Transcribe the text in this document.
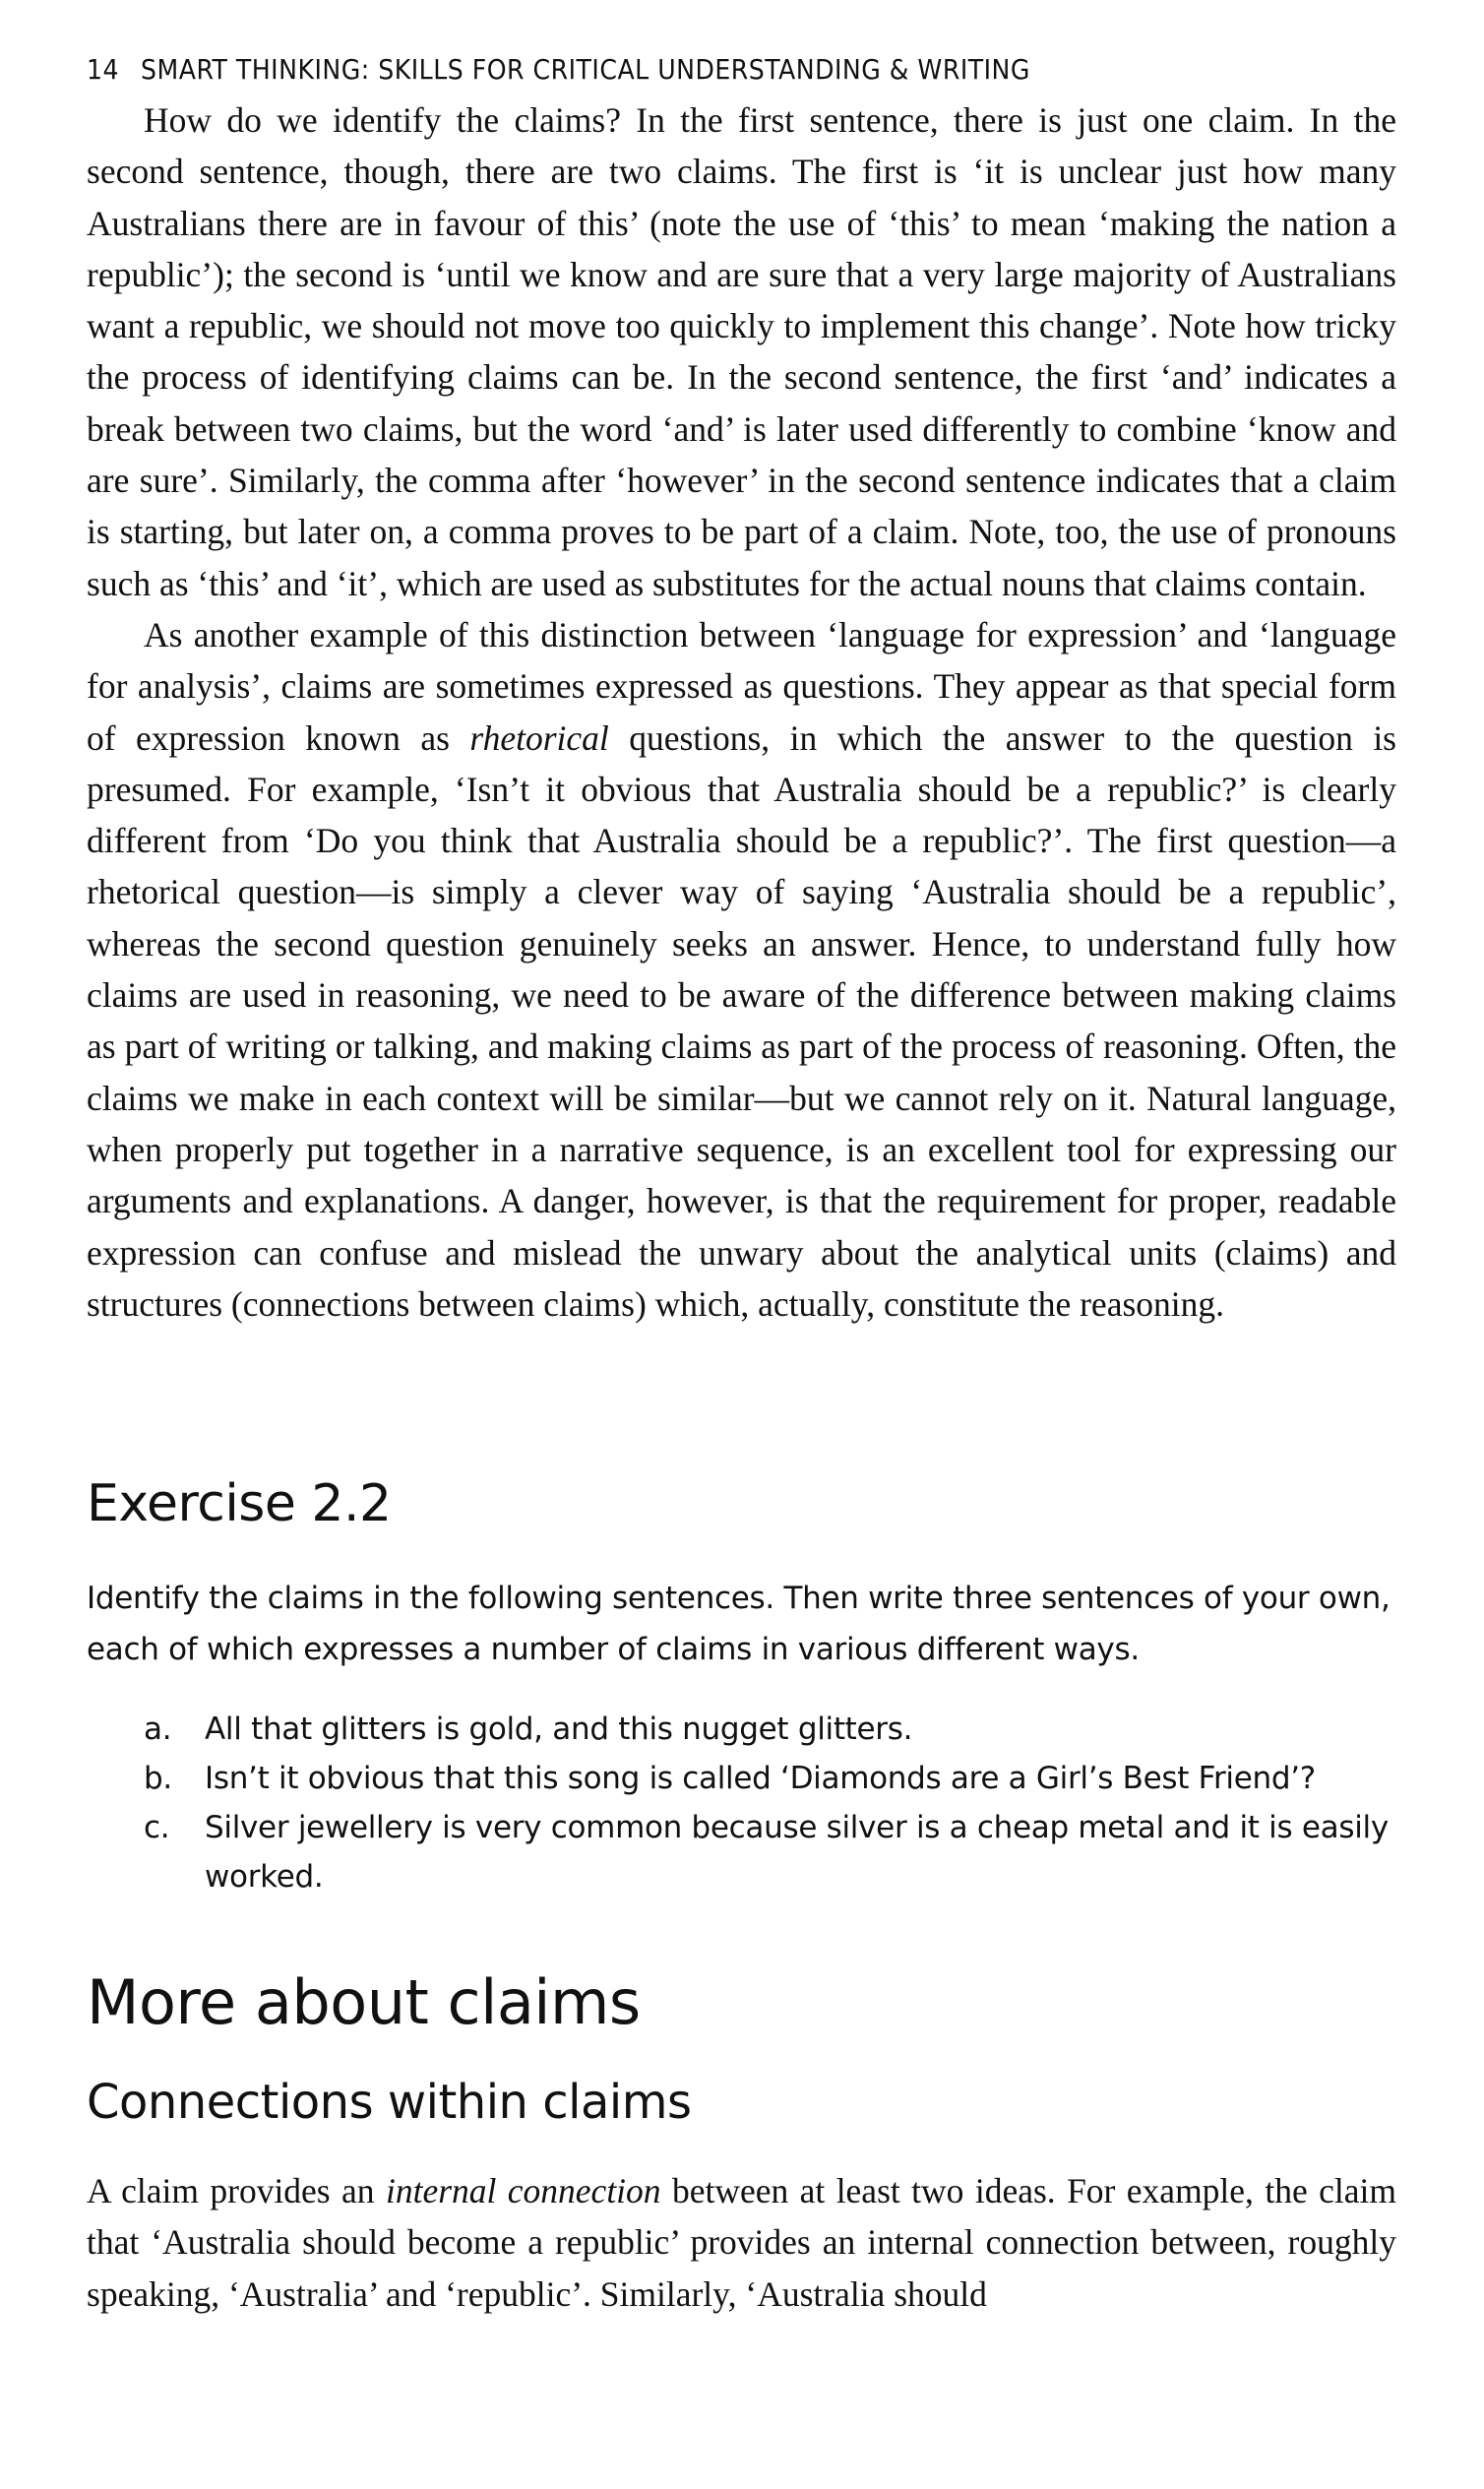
14 SMART THINKING: SKILLS FOR CRITICAL UNDERSTANDING & WRITING

How do we identify the claims? In the first sentence, there is just one claim. In the second sentence, though, there are two claims. The first is ‘it is unclear just how many Australians there are in favour of this’ (note the use of ‘this’ to mean ‘making the nation a republic’); the second is ‘until we know and are sure that a very large majority of Australians want a republic, we should not move too quickly to implement this change’. Note how tricky the process of identifying claims can be. In the second sentence, the first ‘and’ indicates a break between two claims, but the word ‘and’ is later used differently to combine ‘know and are sure’. Similarly, the comma after ‘however’ in the second sentence indicates that a claim is starting, but later on, a comma proves to be part of a claim. Note, too, the use of pronouns such as ‘this’ and ‘it’, which are used as substitutes for the actual nouns that claims contain.

As another example of this distinction between ‘language for expression’ and ‘language for analysis’, claims are sometimes expressed as questions. They appear as that special form of expression known as rhetorical questions, in which the answer to the question is presumed. For example, ‘Isn’t it obvious that Australia should be a republic?’ is clearly different from ‘Do you think that Australia should be a republic?’. The first question—a rhetorical question—is simply a clever way of saying ‘Australia should be a republic’, whereas the second question genuinely seeks an answer. Hence, to understand fully how claims are used in reasoning, we need to be aware of the difference between making claims as part of writing or talking, and making claims as part of the process of reasoning. Often, the claims we make in each context will be similar—but we cannot rely on it. Natural language, when properly put together in a narrative sequence, is an excellent tool for expressing our arguments and explanations. A danger, however, is that the requirement for proper, readable expression can confuse and mislead the unwary about the analytical units (claims) and structures (connections between claims) which, actually, constitute the reasoning.

Exercise 2.2
Identify the claims in the following sentences. Then write three sentences of your own, each of which expresses a number of claims in various different ways.
a. All that glitters is gold, and this nugget glitters.
b. Isn’t it obvious that this song is called ‘Diamonds are a Girl’s Best Friend’?
c. Silver jewellery is very common because silver is a cheap metal and it is easily worked.
More about claims
Connections within claims

A claim provides an internal connection between at least two ideas. For example, the claim that ‘Australia should become a republic’ provides an internal connection between, roughly speaking, ‘Australia’ and ‘republic’. Similarly, ‘Australia should
